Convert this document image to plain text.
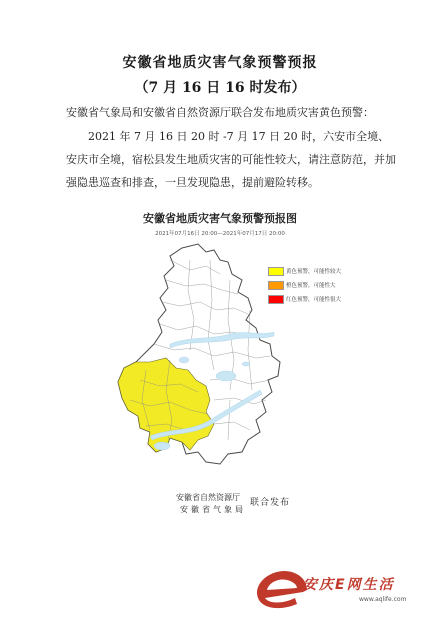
安徽省地质灾害气象预警预报
（7 月 16 日 16 时发布）
安徽省气象局和安徽省自然资源厅联合发布地质灾害黄色预警：
2021 年 7 月 16 日 20 时 -7 月 17 日 20 时，六安市全境、安庆市全境，宿松县发生地质灾害的可能性较大，请注意防范，并加强隐患巡查和排查，一旦发现隐患，提前避险转移。
安徽省地质灾害气象预警预报图
2021年07月16日 20:00—2021年07月17日 20:00
黄色预警，可能性较大
橙色预警，可能性大
红色预警，可能性很大
安徽省自然资源厅
安徽省气象局
联合发布
安庆E网生活
www.aqlife.com
